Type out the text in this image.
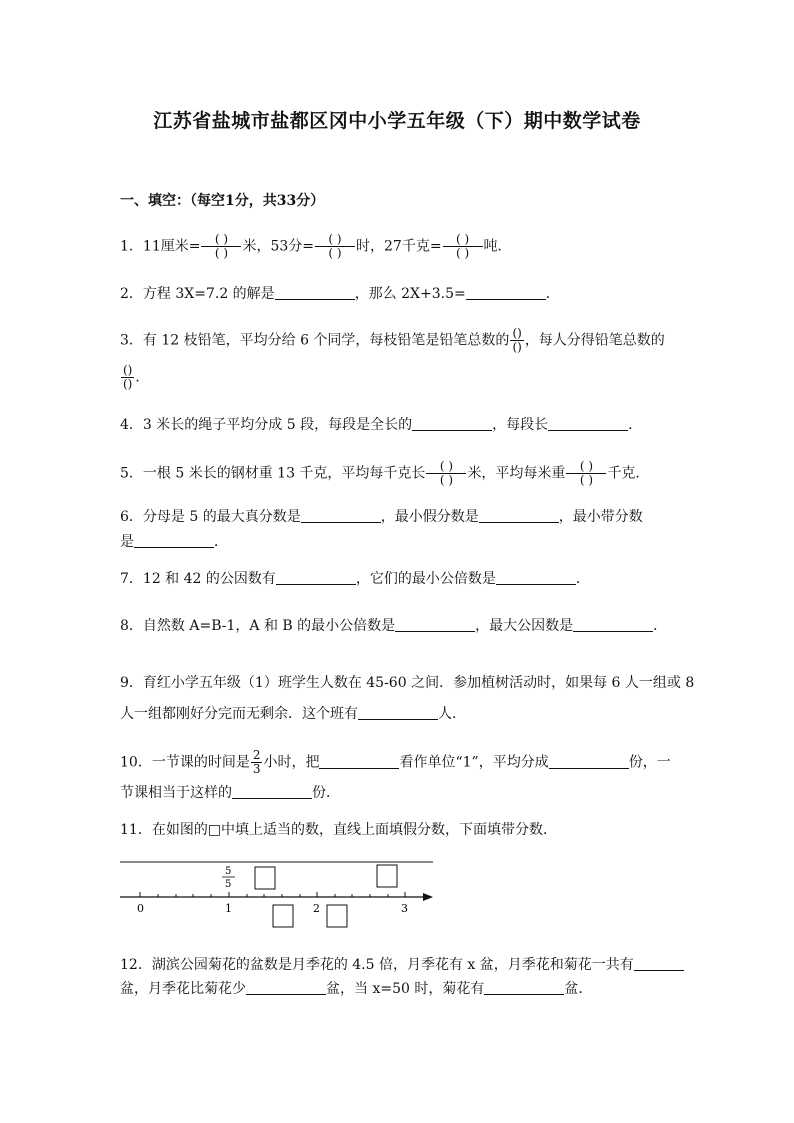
江苏省盐城市盐都区冈中小学五年级（下）期中数学试卷
一、填空：（每空1分，共33分）
1．11厘米= $\frac{( )}{( )}$ 米，53分= $\frac{( )}{( )}$ 时，27千克= $\frac{( )}{( )}$ 吨．
2．方程 3X=7.2 的解是	，那么 2X+3.5=	．
3．有 12 枝铅笔，平均分给 6 个同学，每枝铅笔是铅笔总数的 $\frac{()}{()}$ ，每人分得铅笔总数的
$\frac{()}{()}$ ．
4．3 米长的绳子平均分成 5 段，每段是全长的	，每段长	．
5．一根 5 米长的钢材重 13 千克，平均每千克长 $\frac{( )}{( )}$ 米，平均每米重 $\frac{( )}{( )}$ 千克．
6．分母是 5 的最大真分数是	，最小假分数是	，最小带分数
是	．
7．12 和 42 的公因数有	，它们的最小公倍数是	．
8．自然数 A=B-1，A 和 B 的最小公倍数是	，最大公因数是	．
9．育红小学五年级（1）班学生人数在 45-60 之间．参加植树活动时，如果每 6 人一组或 8
人一组都刚好分完而无剩余．这个班有	人．
10．一节课的时间是 $\frac{2}{3}$ 小时，把	看作单位“1”，平均分成	份，一
节课相当于这样的	份．
11．在如图的□中填上适当的数，直线上面填假分数，下面填带分数．
0	1	2	3
5
5
12．湖滨公园菊花的盆数是月季花的 4.5 倍，月季花有 x 盆，月季花和菊花一共有
盆，月季花比菊花少	盆，当 x=50 时，菊花有	盆．
